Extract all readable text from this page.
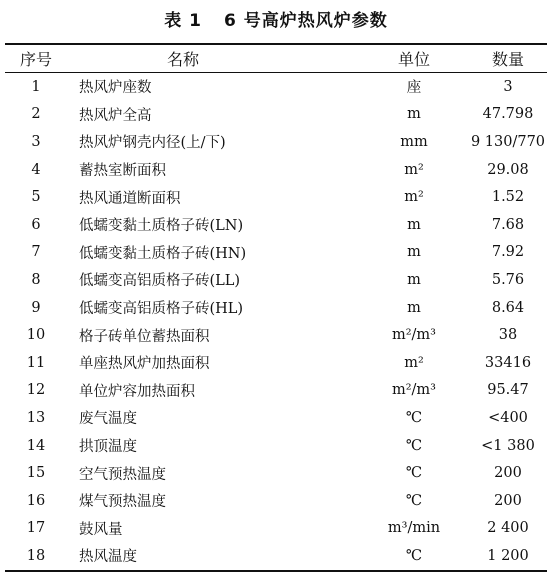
表 1 6 号高炉热风炉参数
序号	名称	单位	数量
1	热风炉座数	座	3
2	热风炉全高	m	47.798
3	热风炉钢壳内径(上/下)	mm	9 130/770
4	蓄热室断面积	m²	29.08
5	热风通道断面积	m²	1.52
6	低蠕变黏土质格子砖(LN)	m	7.68
7	低蠕变黏土质格子砖(HN)	m	7.92
8	低蠕变高铝质格子砖(LL)	m	5.76
9	低蠕变高铝质格子砖(HL)	m	8.64
10	格子砖单位蓄热面积	m²/m³	38
11	单座热风炉加热面积	m²	33416
12	单位炉容加热面积	m²/m³	95.47
13	废气温度	℃	<400
14	拱顶温度	℃	<1 380
15	空气预热温度	℃	200
16	煤气预热温度	℃	200
17	鼓风量	m³/min	2 400
18	热风温度	℃	1 200
